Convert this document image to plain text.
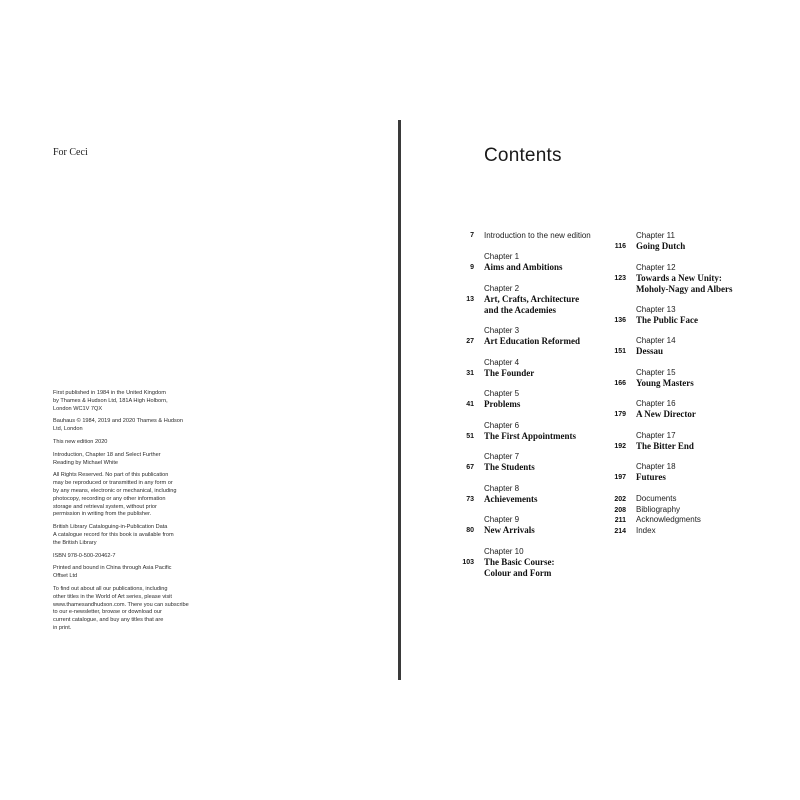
For Ceci

First published in 1984 in the United Kingdom
by Thames & Hudson Ltd, 181A High Holborn,
London WC1V 7QX

Bauhaus © 1984, 2019 and 2020 Thames & Hudson
Ltd, London

This new edition 2020

Introduction, Chapter 18 and Select Further
Reading by Michael White

All Rights Reserved. No part of this publication
may be reproduced or transmitted in any form or
by any means, electronic or mechanical, including
photocopy, recording or any other information
storage and retrieval system, without prior
permission in writing from the publisher.

British Library Cataloguing-in-Publication Data
A catalogue record for this book is available from
the British Library

ISBN 978-0-500-20462-7

Printed and bound in China through Asia Pacific
Offset Ltd

To find out about all our publications, including
other titles in the World of Art series, please visit
www.thamesandhudson.com. There you can subscribe
to our e-newsletter, browse or download our
current catalogue, and buy any titles that are
in print.

Contents
7 Introduction to the new edition
Chapter 1
Aims and Ambitions
9
Chapter 2
Art, Crafts, Architecture
and the Academies
13
Chapter 3
Art Education Reformed
27
Chapter 4
The Founder
31
Chapter 5
Problems
41
Chapter 6
The First Appointments
51
Chapter 7
The Students
67
Chapter 8
Achievements
73
Chapter 9
New Arrivals
80
Chapter 10
The Basic Course:
Colour and Form
103
Chapter 11
Going Dutch
116
Chapter 12
Towards a New Unity:
Moholy-Nagy and Albers
123
Chapter 13
The Public Face
136
Chapter 14
Dessau
151
Chapter 15
Young Masters
166
Chapter 16
A New Director
179
Chapter 17
The Bitter End
192
Chapter 18
Futures
197
202 Documents
208 Bibliography
211 Acknowledgments
214 Index
